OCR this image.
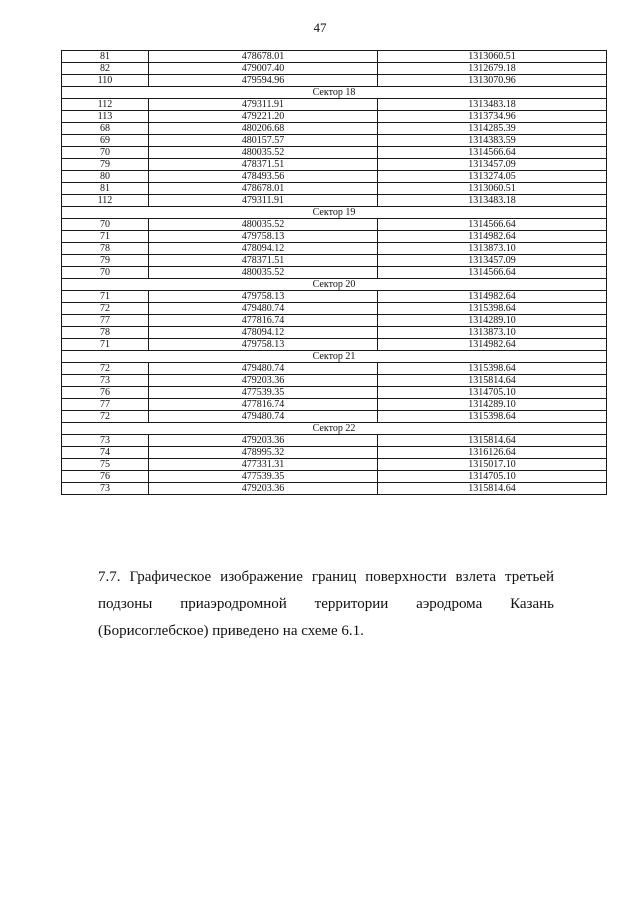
47
81	478678.01	1313060.51
82	479007.40	1312679.18
110	479594.96	1313070.96
Сектор 18		
112	479311.91	1313483.18
113	479221.20	1313734.96
68	480206.68	1314285.39
69	480157.57	1314383.59
70	480035.52	1314566.64
79	478371.51	1313457.09
80	478493.56	1313274.05
81	478678.01	1313060.51
112	479311.91	1313483.18
Сектор 19		
70	480035.52	1314566.64
71	479758.13	1314982.64
78	478094.12	1313873.10
79	478371.51	1313457.09
70	480035.52	1314566.64
Сектор 20		
71	479758.13	1314982.64
72	479480.74	1315398.64
77	477816.74	1314289.10
78	478094.12	1313873.10
71	479758.13	1314982.64
Сектор 21		
72	479480.74	1315398.64
73	479203.36	1315814.64
76	477539.35	1314705.10
77	477816.74	1314289.10
72	479480.74	1315398.64
Сектор 22		
73	479203.36	1315814.64
74	478995.32	1316126.64
75	477331.31	1315017.10
76	477539.35	1314705.10
73	479203.36	1315814.64
7.7. Графическое изображение границ поверхности взлета третьей подзоны приаэродромной территории аэродрома Казань (Борисоглебское) приведено на схеме 6.1.
